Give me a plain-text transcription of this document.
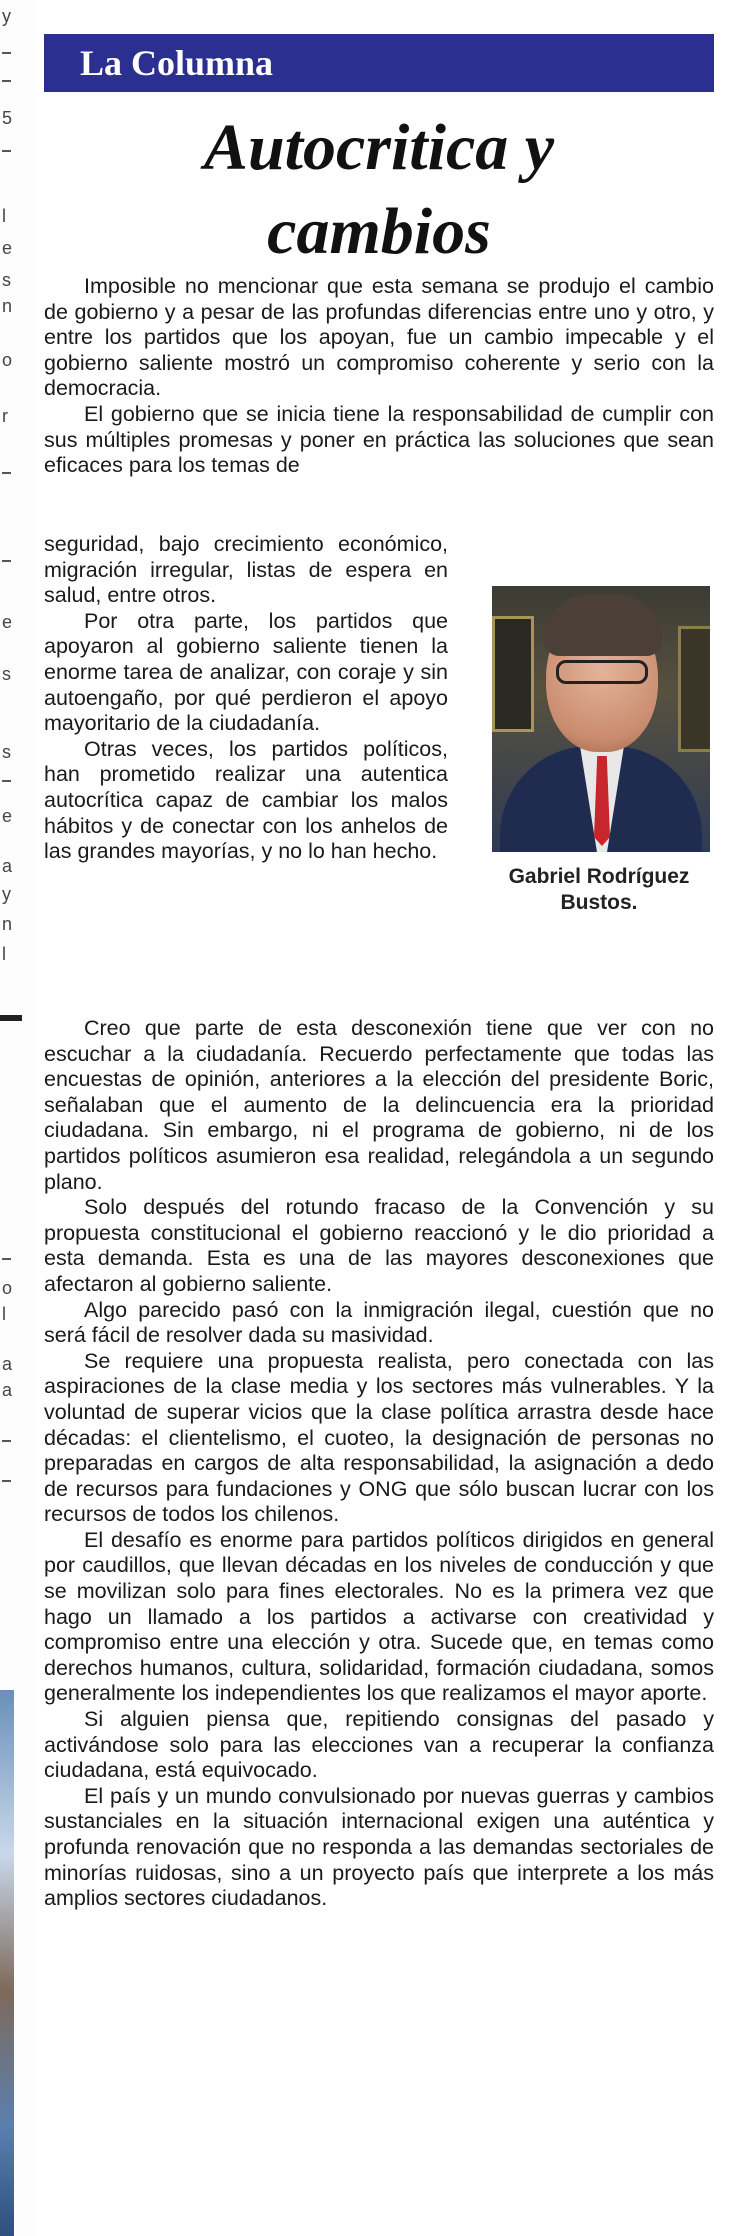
y
5
l
e
s
n
o
r
e
s
s
e
a
y
n
l
o
l
a
a
La Columna
Autocritica y
cambios

Imposible no mencionar que esta semana se produjo el cambio de gobierno y a pesar de las profundas diferencias entre uno y otro, y entre los partidos que los apoyan, fue un cambio impecable y el gobierno saliente mostró un compromiso coherente y serio con la democracia.

El gobierno que se inicia tiene la responsabilidad de cumplir con sus múltiples promesas y poner en práctica las soluciones que sean eficaces para los temas de

seguridad, bajo crecimiento económico, migración irregular, listas de espera en salud, entre otros.

Por otra parte, los partidos que apoyaron al gobierno saliente tienen la enorme tarea de analizar, con coraje y sin autoengaño, por qué perdieron el apoyo mayoritario de la ciudadanía.

Otras veces, los partidos políticos, han prometido realizar una autentica autocrítica capaz de cambiar los malos hábitos y de conectar con los anhelos de las grandes mayorías, y no lo han hecho.

Gabriel Rodríguez
Bustos.

Creo que parte de esta desconexión tiene que ver con no escuchar a la ciudadanía. Recuerdo perfectamente que todas las encuestas de opinión, anteriores a la elección del presidente Boric, señalaban que el aumento de la delincuencia era la prioridad ciudadana. Sin embargo, ni el programa de gobierno, ni de los partidos políticos asumieron esa realidad, relegándola a un segundo plano.

Solo después del rotundo fracaso de la Convención y su propuesta constitucional el gobierno reaccionó y le dio prioridad a esta demanda. Esta es una de las mayores desconexiones que afectaron al gobierno saliente.

Algo parecido pasó con la inmigración ilegal, cuestión que no será fácil de resolver dada su masividad.

Se requiere una propuesta realista, pero conectada con las aspiraciones de la clase media y los sectores más vulnerables. Y la voluntad de superar vicios que la clase política arrastra desde hace décadas: el clientelismo, el cuoteo, la designación de personas no preparadas en cargos de alta responsabilidad, la asignación a dedo de recursos para fundaciones y ONG que sólo buscan lucrar con los recursos de todos los chilenos.

El desafío es enorme para partidos políticos dirigidos en general por caudillos, que llevan décadas en los niveles de conducción y que se movilizan solo para fines electorales. No es la primera vez que hago un llamado a los partidos a activarse con creatividad y compromiso entre una elección y otra. Sucede que, en temas como derechos humanos, cultura, solidaridad, formación ciudadana, somos generalmente los independientes los que realizamos el mayor aporte.

Si alguien piensa que, repitiendo consignas del pasado y activándose solo para las elecciones van a recuperar la confianza ciudadana, está equivocado.

El país y un mundo convulsionado por nuevas guerras y cambios sustanciales en la situación internacional exigen una auténtica y profunda renovación que no responda a las demandas sectoriales de minorías ruidosas, sino a un proyecto país que interprete a los más amplios sectores ciudadanos.
